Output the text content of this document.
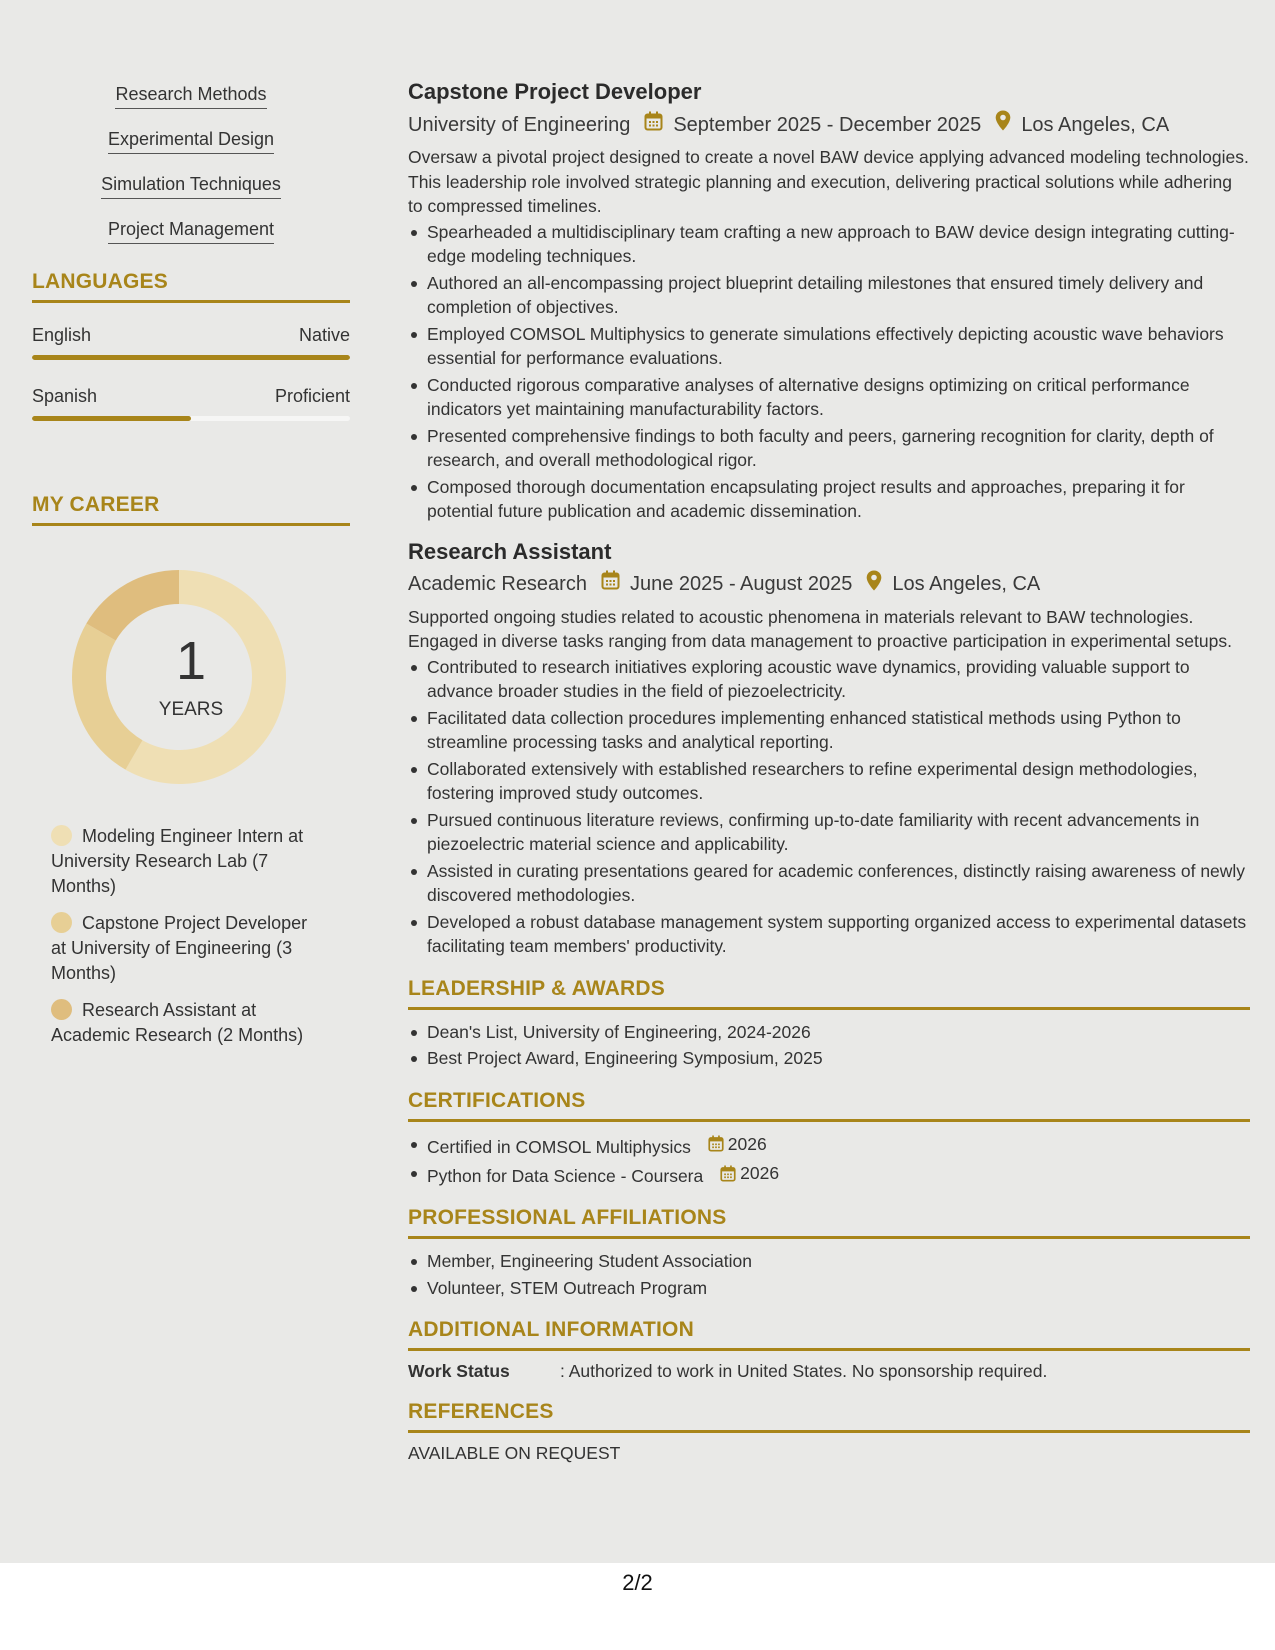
2/2
Research Methods
Experimental Design
Simulation Techniques
Project Management
LANGUAGES
English	Native
Spanish	Proficient
MY CAREER
1
YEARS
Modeling Engineer Intern at University Research Lab (7 Months)
Capstone Project Developer at University of Engineering (3 Months)
Research Assistant at Academic Research (2 Months)
Capstone Project Developer
University of Engineering September 2025 - December 2025 Los Angeles, CA
Oversaw a pivotal project designed to create a novel BAW device applying advanced modeling technologies. This leadership role involved strategic planning and execution, delivering practical solutions while adhering to compressed timelines.
Spearheaded a multidisciplinary team crafting a new approach to BAW device design integrating cutting-edge modeling techniques.
Authored an all-encompassing project blueprint detailing milestones that ensured timely delivery and completion of objectives.
Employed COMSOL Multiphysics to generate simulations effectively depicting acoustic wave behaviors essential for performance evaluations.
Conducted rigorous comparative analyses of alternative designs optimizing on critical performance indicators yet maintaining manufacturability factors.
Presented comprehensive findings to both faculty and peers, garnering recognition for clarity, depth of research, and overall methodological rigor.
Composed thorough documentation encapsulating project results and approaches, preparing it for potential future publication and academic dissemination.
Research Assistant
Academic Research June 2025 - August 2025 Los Angeles, CA
Supported ongoing studies related to acoustic phenomena in materials relevant to BAW technologies. Engaged in diverse tasks ranging from data management to proactive participation in experimental setups.
Contributed to research initiatives exploring acoustic wave dynamics, providing valuable support to advance broader studies in the field of piezoelectricity.
Facilitated data collection procedures implementing enhanced statistical methods using Python to streamline processing tasks and analytical reporting.
Collaborated extensively with established researchers to refine experimental design methodologies, fostering improved study outcomes.
Pursued continuous literature reviews, confirming up-to-date familiarity with recent advancements in piezoelectric material science and applicability.
Assisted in curating presentations geared for academic conferences, distinctly raising awareness of newly discovered methodologies.
Developed a robust database management system supporting organized access to experimental datasets facilitating team members' productivity.
LEADERSHIP & AWARDS
Dean's List, University of Engineering, 2024-2026
Best Project Award, Engineering Symposium, 2025
CERTIFICATIONS
Certified in COMSOL Multiphysics 2026
Python for Data Science - Coursera 2026
PROFESSIONAL AFFILIATIONS
Member, Engineering Student Association
Volunteer, STEM Outreach Program
ADDITIONAL INFORMATION
Work Status	: Authorized to work in United States. No sponsorship required.
REFERENCES
AVAILABLE ON REQUEST
